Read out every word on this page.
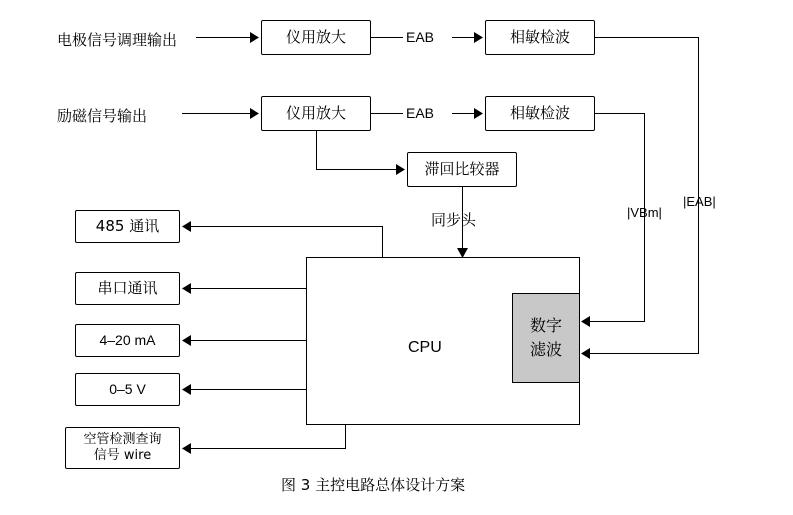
电极信号调理输出	仪用放大	EAB	相敏检波
|EAB|
励磁信号输出	仪用放大	EAB	相敏检波
|VBm|
滞回比较器
同步头
CPU
数字
滤波
485 通讯
串口通讯
4–20 mA
0–5 V
空管检测查询
信号 wire
图 3 主控电路总体设计方案
